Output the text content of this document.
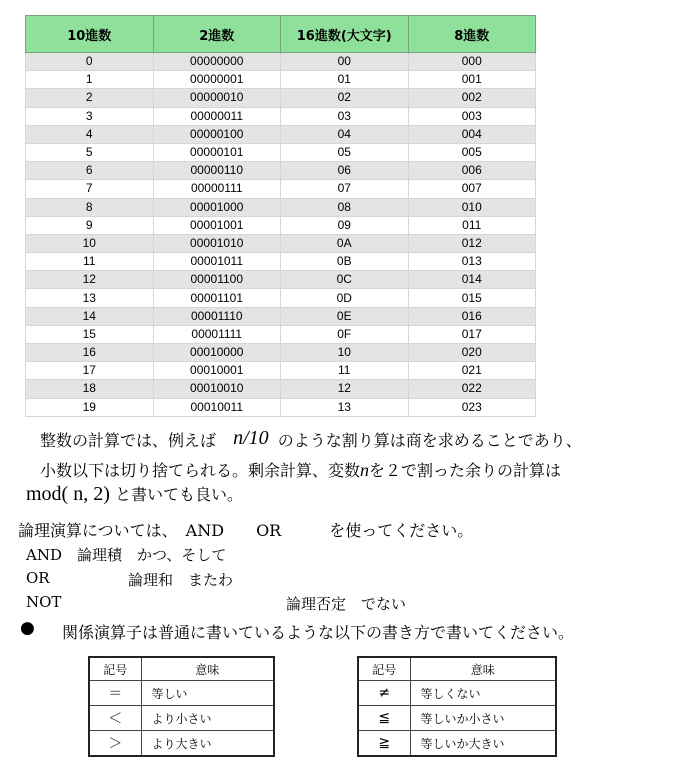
10進数	2進数	16進数(大文字)	8進数
0	00000000	00	000
1	00000001	01	001
2	00000010	02	002
3	00000011	03	003
4	00000100	04	004
5	00000101	05	005
6	00000110	06	006
7	00000111	07	007
8	00001000	08	010
9	00001001	09	011
10	00001010	0A	012
11	00001011	0B	013
12	00001100	0C	014
13	00001101	0D	015
14	00001110	0E	016
15	00001111	0F	017
16	00010000	10	020
17	00010001	11	021
18	00010010	12	022
19	00010011	13	023
整数の計算では、例えば n/10 のような割り算は商を求めることであり、
小数以下は切り捨てられる。剰余計算、変数nを２で割った余りの計算は
mod( n, 2) と書いても良い。
論理演算については、　AND　　OR　　　を使ってください。
AND　論理積　かつ、そして
OR	論理和　またわ
NOT	論理否定　でない
● 関係演算子は普通に書いているような以下の書き方で書いてください。
記号	意味
＝	等しい
＜	より小さい
＞	より大きい
記号	意味
≠	等しくない
≦	等しいか小さい
≧	等しいか大きい
